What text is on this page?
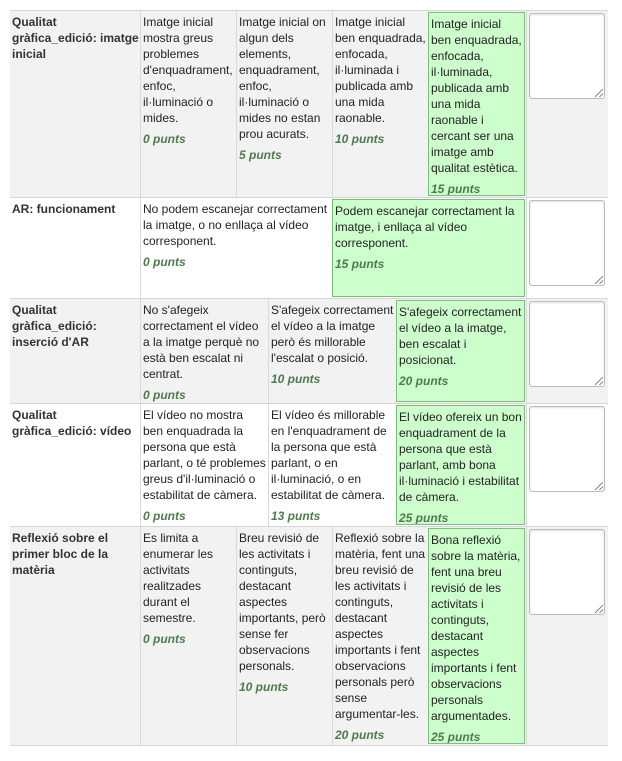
Qualitat gràfica_edició: imatge inicial
Imatge inicial mostra greus problemes d'enquadrament, enfoc, il·luminació o mides.
0 punts
Imatge inicial on algun dels elements, enquadrament, enfoc, il·luminació o mides no estan prou acurats.
5 punts
Imatge inicial ben enquadrada, enfocada, il·luminada i publicada amb una mida raonable.
10 punts
Imatge inicial ben enquadrada, enfocada, il·luminada, publicada amb una mida raonable i cercant ser una imatge amb qualitat estètica.
15 punts
AR: funcionament	No podem escanejar correctament la imatge, o no enllaça al vídeo corresponent.
0 punts
Podem escanejar correctament la imatge, i enllaça al vídeo corresponent.
15 punts
Qualitat gràfica_edició: inserció d'AR
No s'afegeix correctament el vídeo a la imatge perquè no està ben escalat ni centrat.
0 punts
S'afegeix correctament el vídeo a la imatge però és millorable l'escalat o posició.
10 punts
S'afegeix correctament el vídeo a la imatge, ben escalat i posicionat.
20 punts
Qualitat gràfica_edició: vídeo
El vídeo no mostra ben enquadrada la persona que està parlant, o té problemes greus d'il·luminació o estabilitat de càmera.
0 punts
El vídeo és millorable en l'enquadrament de la persona que està parlant, o en il·luminació, o en estabilitat de càmera.
13 punts
El vídeo ofereix un bon enquadrament de la persona que està parlant, amb bona il·luminació i estabilitat de càmera.
25 punts
Reflexió sobre el primer bloc de la matèria
Es limita a enumerar les activitats realitzades durant el semestre.
0 punts
Breu revisió de les activitats i continguts, destacant aspectes importants, però sense fer observacions personals.
10 punts
Reflexió sobre la matèria, fent una breu revisió de les activitats i continguts, destacant aspectes importants i fent observacions personals però sense argumentar-les.
20 punts
Bona reflexió sobre la matèria, fent una breu revisió de les activitats i continguts, destacant aspectes importants i fent observacions personals argumentades.
25 punts
